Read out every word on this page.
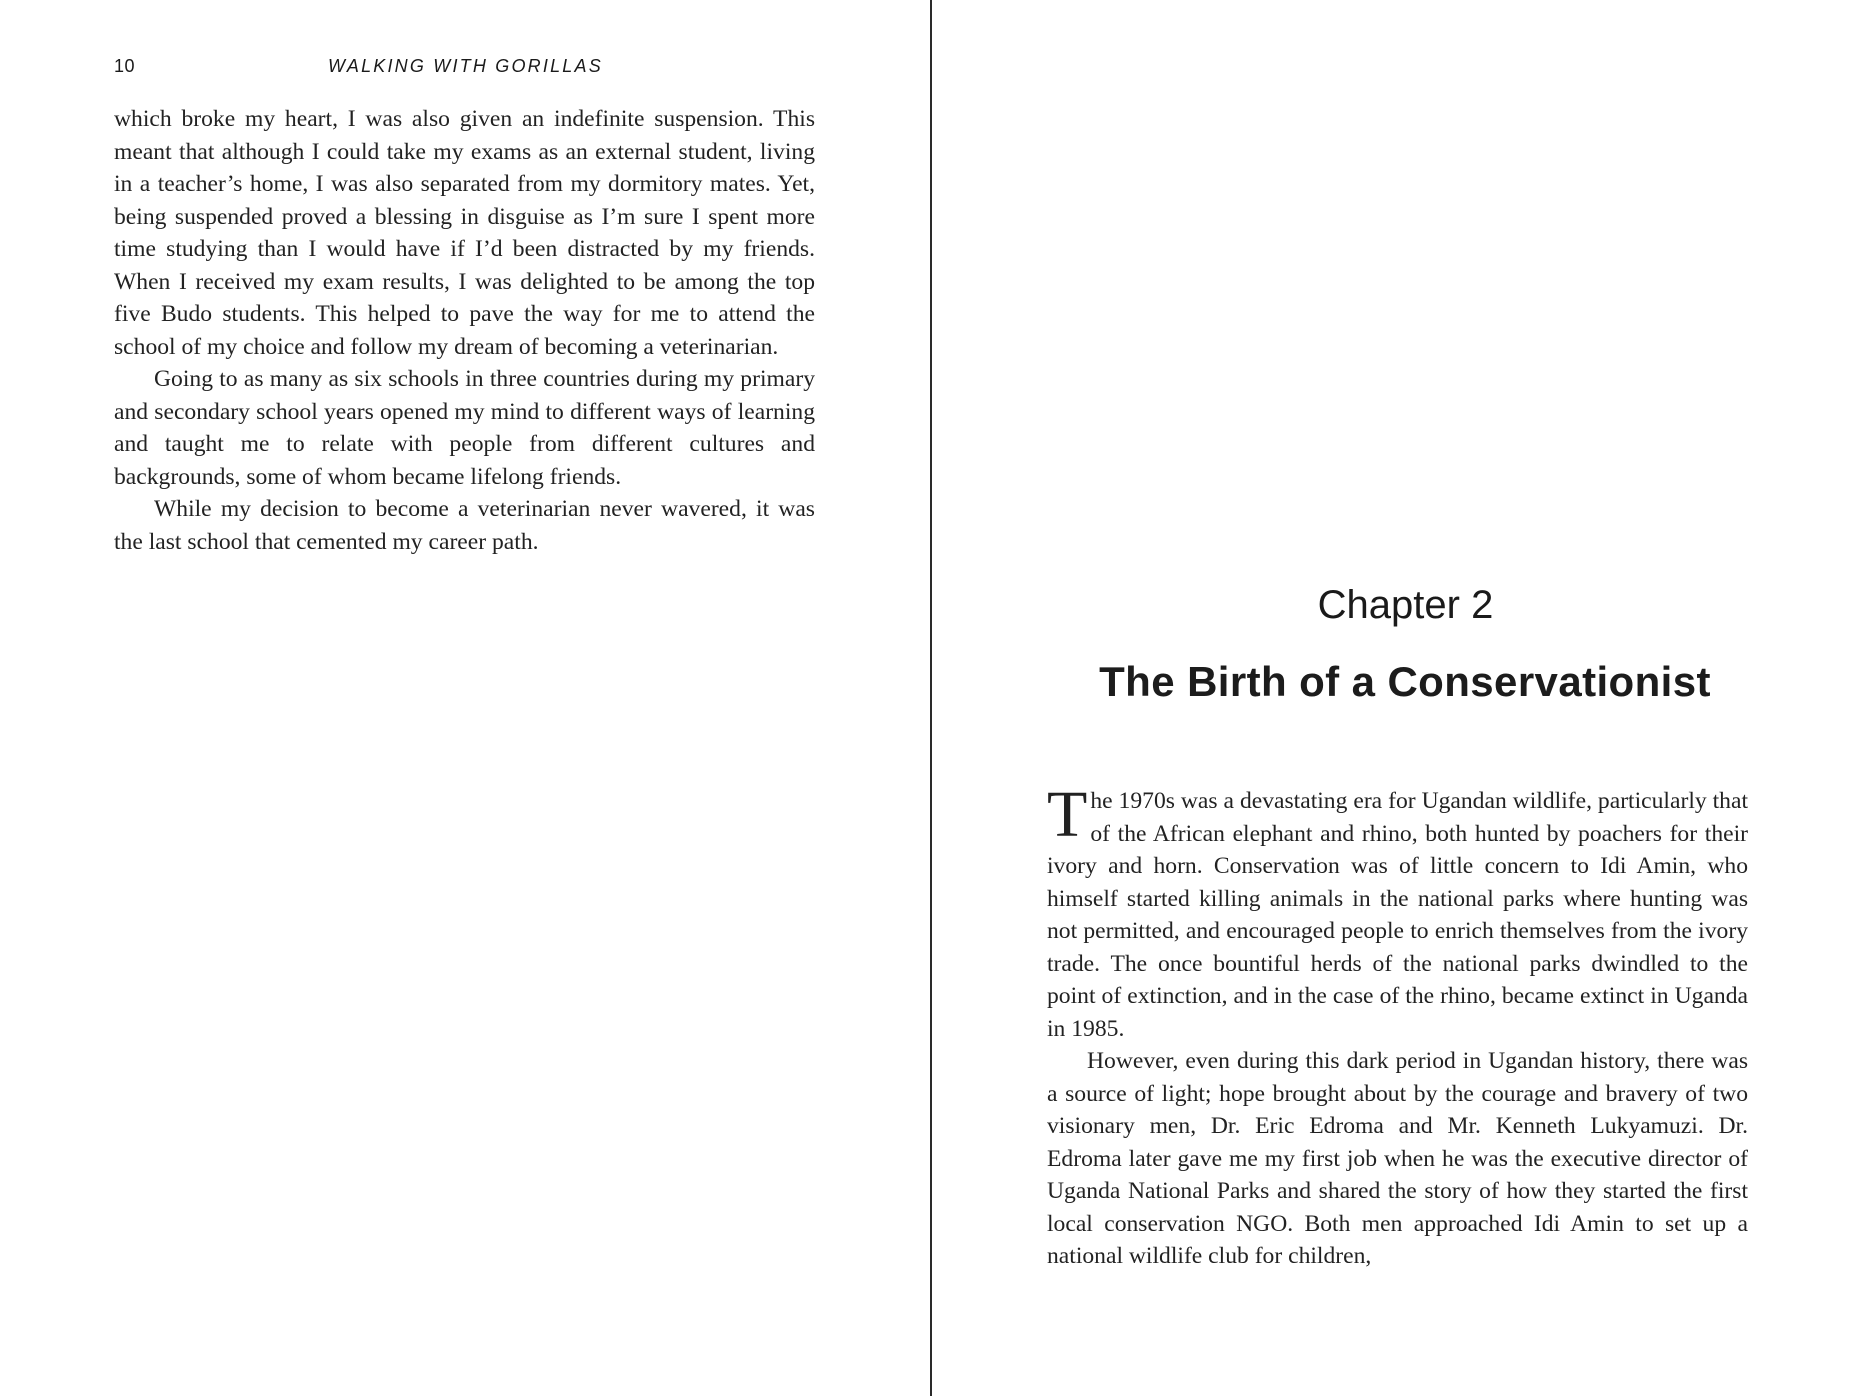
10	WALKING WITH GORILLAS

which broke my heart, I was also given an indefinite suspension. This meant that although I could take my exams as an external student, living in a teacher’s home, I was also separated from my dormitory mates. Yet, being suspended proved a blessing in disguise as I’m sure I spent more time studying than I would have if I’d been distracted by my friends. When I received my exam results, I was delighted to be among the top five Budo students. This helped to pave the way for me to attend the school of my choice and follow my dream of becoming a veterinarian.

Going to as many as six schools in three countries during my primary and secondary school years opened my mind to different ways of learning and taught me to relate with people from different cultures and backgrounds, some of whom became lifelong friends.

While my decision to become a veterinarian never wavered, it was the last school that cemented my career path.

Chapter 2
The Birth of a Conservationist

The 1970s was a devastating era for Ugandan wildlife, particularly that of the African elephant and rhino, both hunted by poachers for their ivory and horn. Conservation was of little concern to Idi Amin, who himself started killing animals in the national parks where hunting was not permitted, and encouraged people to enrich themselves from the ivory trade. The once bountiful herds of the national parks dwindled to the point of extinction, and in the case of the rhino, became extinct in Uganda in 1985.

However, even during this dark period in Ugandan history, there was a source of light; hope brought about by the courage and bravery of two visionary men, Dr. Eric Edroma and Mr. Kenneth Lukyamuzi. Dr. Edroma later gave me my first job when he was the executive director of Uganda National Parks and shared the story of how they started the first local conservation NGO. Both men approached Idi Amin to set up a national wildlife club for children,
